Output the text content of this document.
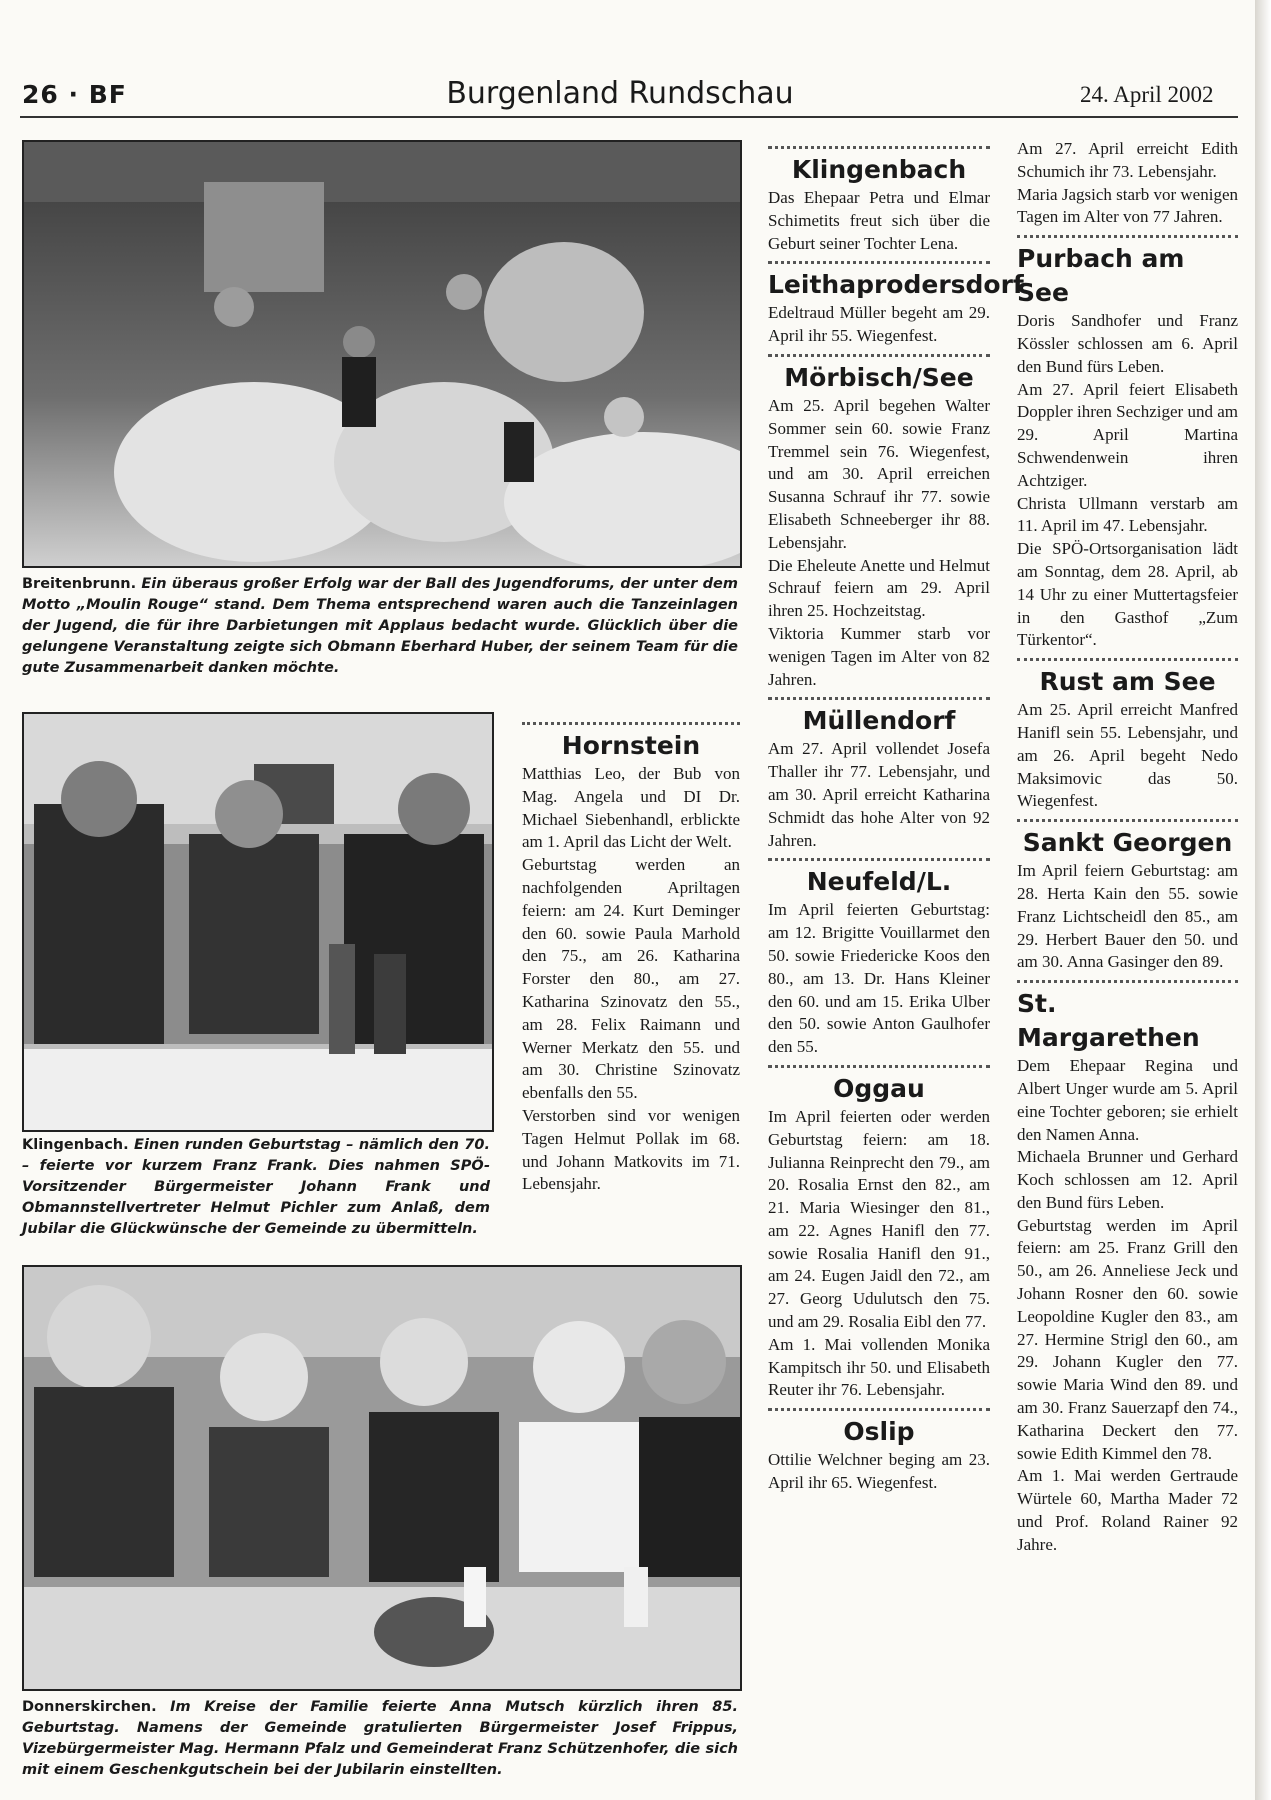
26 · BF	Burgenland Rundschau	24. April 2002
Breitenbrunn. Ein überaus großer Erfolg war der Ball des Jugendforums, der unter dem Motto „Moulin Rouge“ stand. Dem Thema entsprechend waren auch die Tanzeinlagen der Jugend, die für ihre Darbietungen mit Applaus bedacht wurde. Glücklich über die gelungene Veranstaltung zeigte sich Obmann Eberhard Huber, der seinem Team für die gute Zusammenarbeit danken möchte.
Klingenbach. Einen runden Geburtstag – nämlich den 70. – feierte vor kurzem Franz Frank. Dies nahmen SPÖ-Vorsitzender Bürgermeister Johann Frank und Obmannstellvertreter Helmut Pichler zum Anlaß, dem Jubilar die Glückwünsche der Gemeinde zu übermitteln.
Donnerskirchen. Im Kreise der Familie feierte Anna Mutsch kürzlich ihren 85. Geburtstag. Namens der Gemeinde gratulierten Bürgermeister Josef Frippus, Vizebürgermeister Mag. Hermann Pfalz und Gemeinderat Franz Schützenhofer, die sich mit einem Geschenkgutschein bei der Jubilarin einstellten.
Hornstein

Matthias Leo, der Bub von Mag. Angela und DI Dr. Michael Siebenhandl, erblickte am 1. April das Licht der Welt.

Geburtstag werden an nachfolgenden Apriltagen feiern: am 24. Kurt Deminger den 60. sowie Paula Marhold den 75., am 26. Katharina Forster den 80., am 27. Katharina Szinovatz den 55., am 28. Felix Raimann und Werner Merkatz den 55. und am 30. Christine Szinovatz ebenfalls den 55.

Verstorben sind vor wenigen Tagen Helmut Pollak im 68. und Johann Matkovits im 71. Lebensjahr.

Klingenbach

Das Ehepaar Petra und Elmar Schimetits freut sich über die Geburt seiner Tochter Lena.

Leithaprodersdorf

Edeltraud Müller begeht am 29. April ihr 55. Wiegenfest.

Mörbisch/See

Am 25. April begehen Walter Sommer sein 60. sowie Franz Tremmel sein 76. Wiegenfest, und am 30. April erreichen Susanna Schrauf ihr 77. sowie Elisabeth Schneeberger ihr 88. Lebensjahr.

Die Eheleute Anette und Helmut Schrauf feiern am 29. April ihren 25. Hochzeitstag.

Viktoria Kummer starb vor wenigen Tagen im Alter von 82 Jahren.

Müllendorf

Am 27. April vollendet Josefa Thaller ihr 77. Lebensjahr, und am 30. April erreicht Katharina Schmidt das hohe Alter von 92 Jahren.

Neufeld/L.

Im April feierten Geburtstag: am 12. Brigitte Vouillarmet den 50. sowie Friedericke Koos den 80., am 13. Dr. Hans Kleiner den 60. und am 15. Erika Ulber den 50. sowie Anton Gaulhofer den 55.

Oggau

Im April feierten oder werden Geburtstag feiern: am 18. Julianna Reinprecht den 79., am 20. Rosalia Ernst den 82., am 21. Maria Wiesinger den 81., am 22. Agnes Hanifl den 77. sowie Rosalia Hanifl den 91., am 24. Eugen Jaidl den 72., am 27. Georg Udulutsch den 75. und am 29. Rosalia Eibl den 77.

Am 1. Mai vollenden Monika Kampitsch ihr 50. und Elisabeth Reuter ihr 76. Lebensjahr.

Oslip

Ottilie Welchner beging am 23. April ihr 65. Wiegenfest.

Am 27. April erreicht Edith Schumich ihr 73. Lebensjahr.

Maria Jagsich starb vor wenigen Tagen im Alter von 77 Jahren.

Purbach am See

Doris Sandhofer und Franz Kössler schlossen am 6. April den Bund fürs Leben.

Am 27. April feiert Elisabeth Doppler ihren Sechziger und am 29. April Martina Schwendenwein ihren Achtziger.

Christa Ullmann verstarb am 11. April im 47. Lebensjahr.

Die SPÖ-Ortsorganisation lädt am Sonntag, dem 28. April, ab 14 Uhr zu einer Muttertagsfeier in den Gasthof „Zum Türkentor“.

Rust am See

Am 25. April erreicht Manfred Hanifl sein 55. Lebensjahr, und am 26. April begeht Nedo Maksimovic das 50. Wiegenfest.

Sankt Georgen

Im April feiern Geburtstag: am 28. Herta Kain den 55. sowie Franz Lichtscheidl den 85., am 29. Herbert Bauer den 50. und am 30. Anna Gasinger den 89.

St. Margarethen

Dem Ehepaar Regina und Albert Unger wurde am 5. April eine Tochter geboren; sie erhielt den Namen Anna.

Michaela Brunner und Gerhard Koch schlossen am 12. April den Bund fürs Leben.

Geburtstag werden im April feiern: am 25. Franz Grill den 50., am 26. Anneliese Jeck und Johann Rosner den 60. sowie Leopoldine Kugler den 83., am 27. Hermine Strigl den 60., am 29. Johann Kugler den 77. sowie Maria Wind den 89. und am 30. Franz Sauerzapf den 74., Katharina Deckert den 77. sowie Edith Kimmel den 78.

Am 1. Mai werden Gertraude Würtele 60, Martha Mader 72 und Prof. Roland Rainer 92 Jahre.
